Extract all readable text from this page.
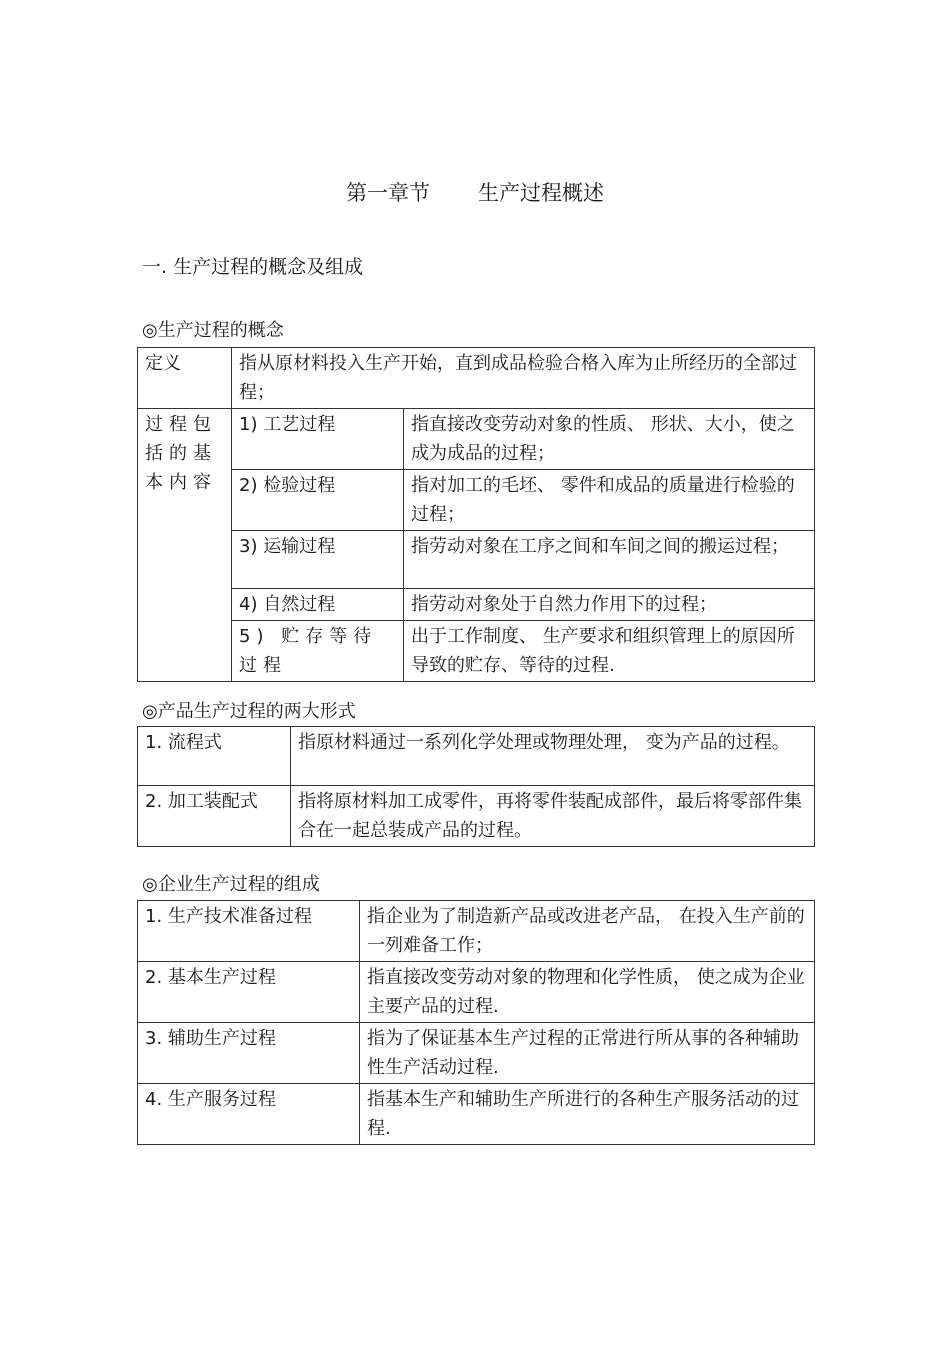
第一章节 生产过程概述
一. 生产过程的概念及组成
◎生产过程的概念
定义	指从原材料投入生产开始，直到成品检验合格入库为止所经历的全部过程；	
过程包括的基本内容	1) 工艺过程	指直接改变劳动对象的性质、 形状、大小，使之成为成品的过程；
	2) 检验过程	指对加工的毛坯、 零件和成品的质量进行检验的过程；
	3) 运输过程	指劳动对象在工序之间和车间之间的搬运过程；
	4) 自然过程	指劳动对象处于自然力作用下的过程；
	5) 贮存等待过程	出于工作制度、 生产要求和组织管理上的原因所导致的贮存、等待的过程.
◎产品生产过程的两大形式
1. 流程式	指原材料通过一系列化学处理或物理处理， 变为产品的过程。
2. 加工装配式	指将原材料加工成零件，再将零件装配成部件，最后将零部件集合在一起总装成产品的过程。
◎企业生产过程的组成
1. 生产技术准备过程	指企业为了制造新产品或改进老产品， 在投入生产前的一列难备工作；
2. 基本生产过程	指直接改变劳动对象的物理和化学性质， 使之成为企业主要产品的过程.
3. 辅助生产过程	指为了保证基本生产过程的正常进行所从事的各种辅助性生产活动过程.
4. 生产服务过程	指基本生产和辅助生产所进行的各种生产服务活动的过程.
